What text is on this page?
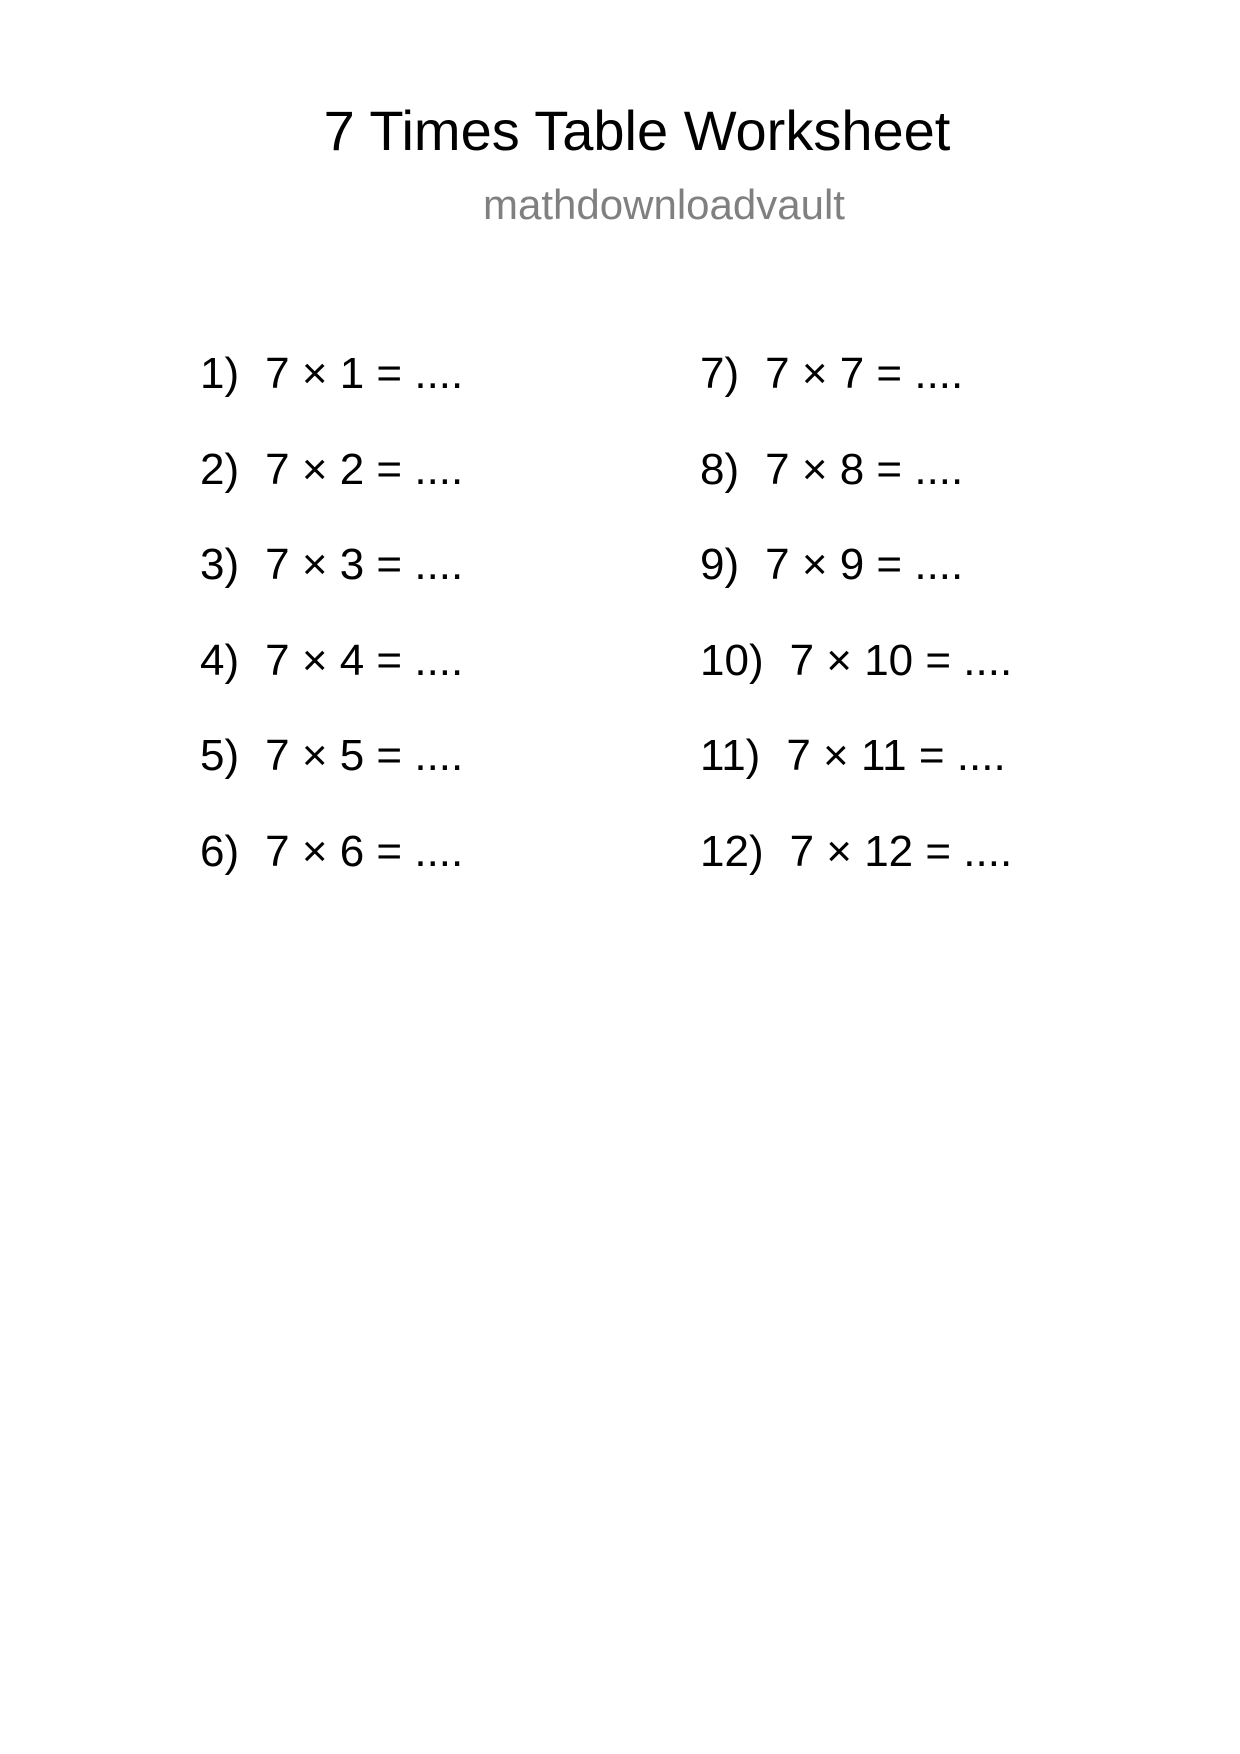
7 Times Table Worksheet
mathdownloadvault
1) 7 × 1 = ....
2) 7 × 2 = ....
3) 7 × 3 = ....
4) 7 × 4 = ....
5) 7 × 5 = ....
6) 7 × 6 = ....
7) 7 × 7 = ....
8) 7 × 8 = ....
9) 7 × 9 = ....
10) 7 × 10 = ....
11) 7 × 11 = ....
12) 7 × 12 = ....
